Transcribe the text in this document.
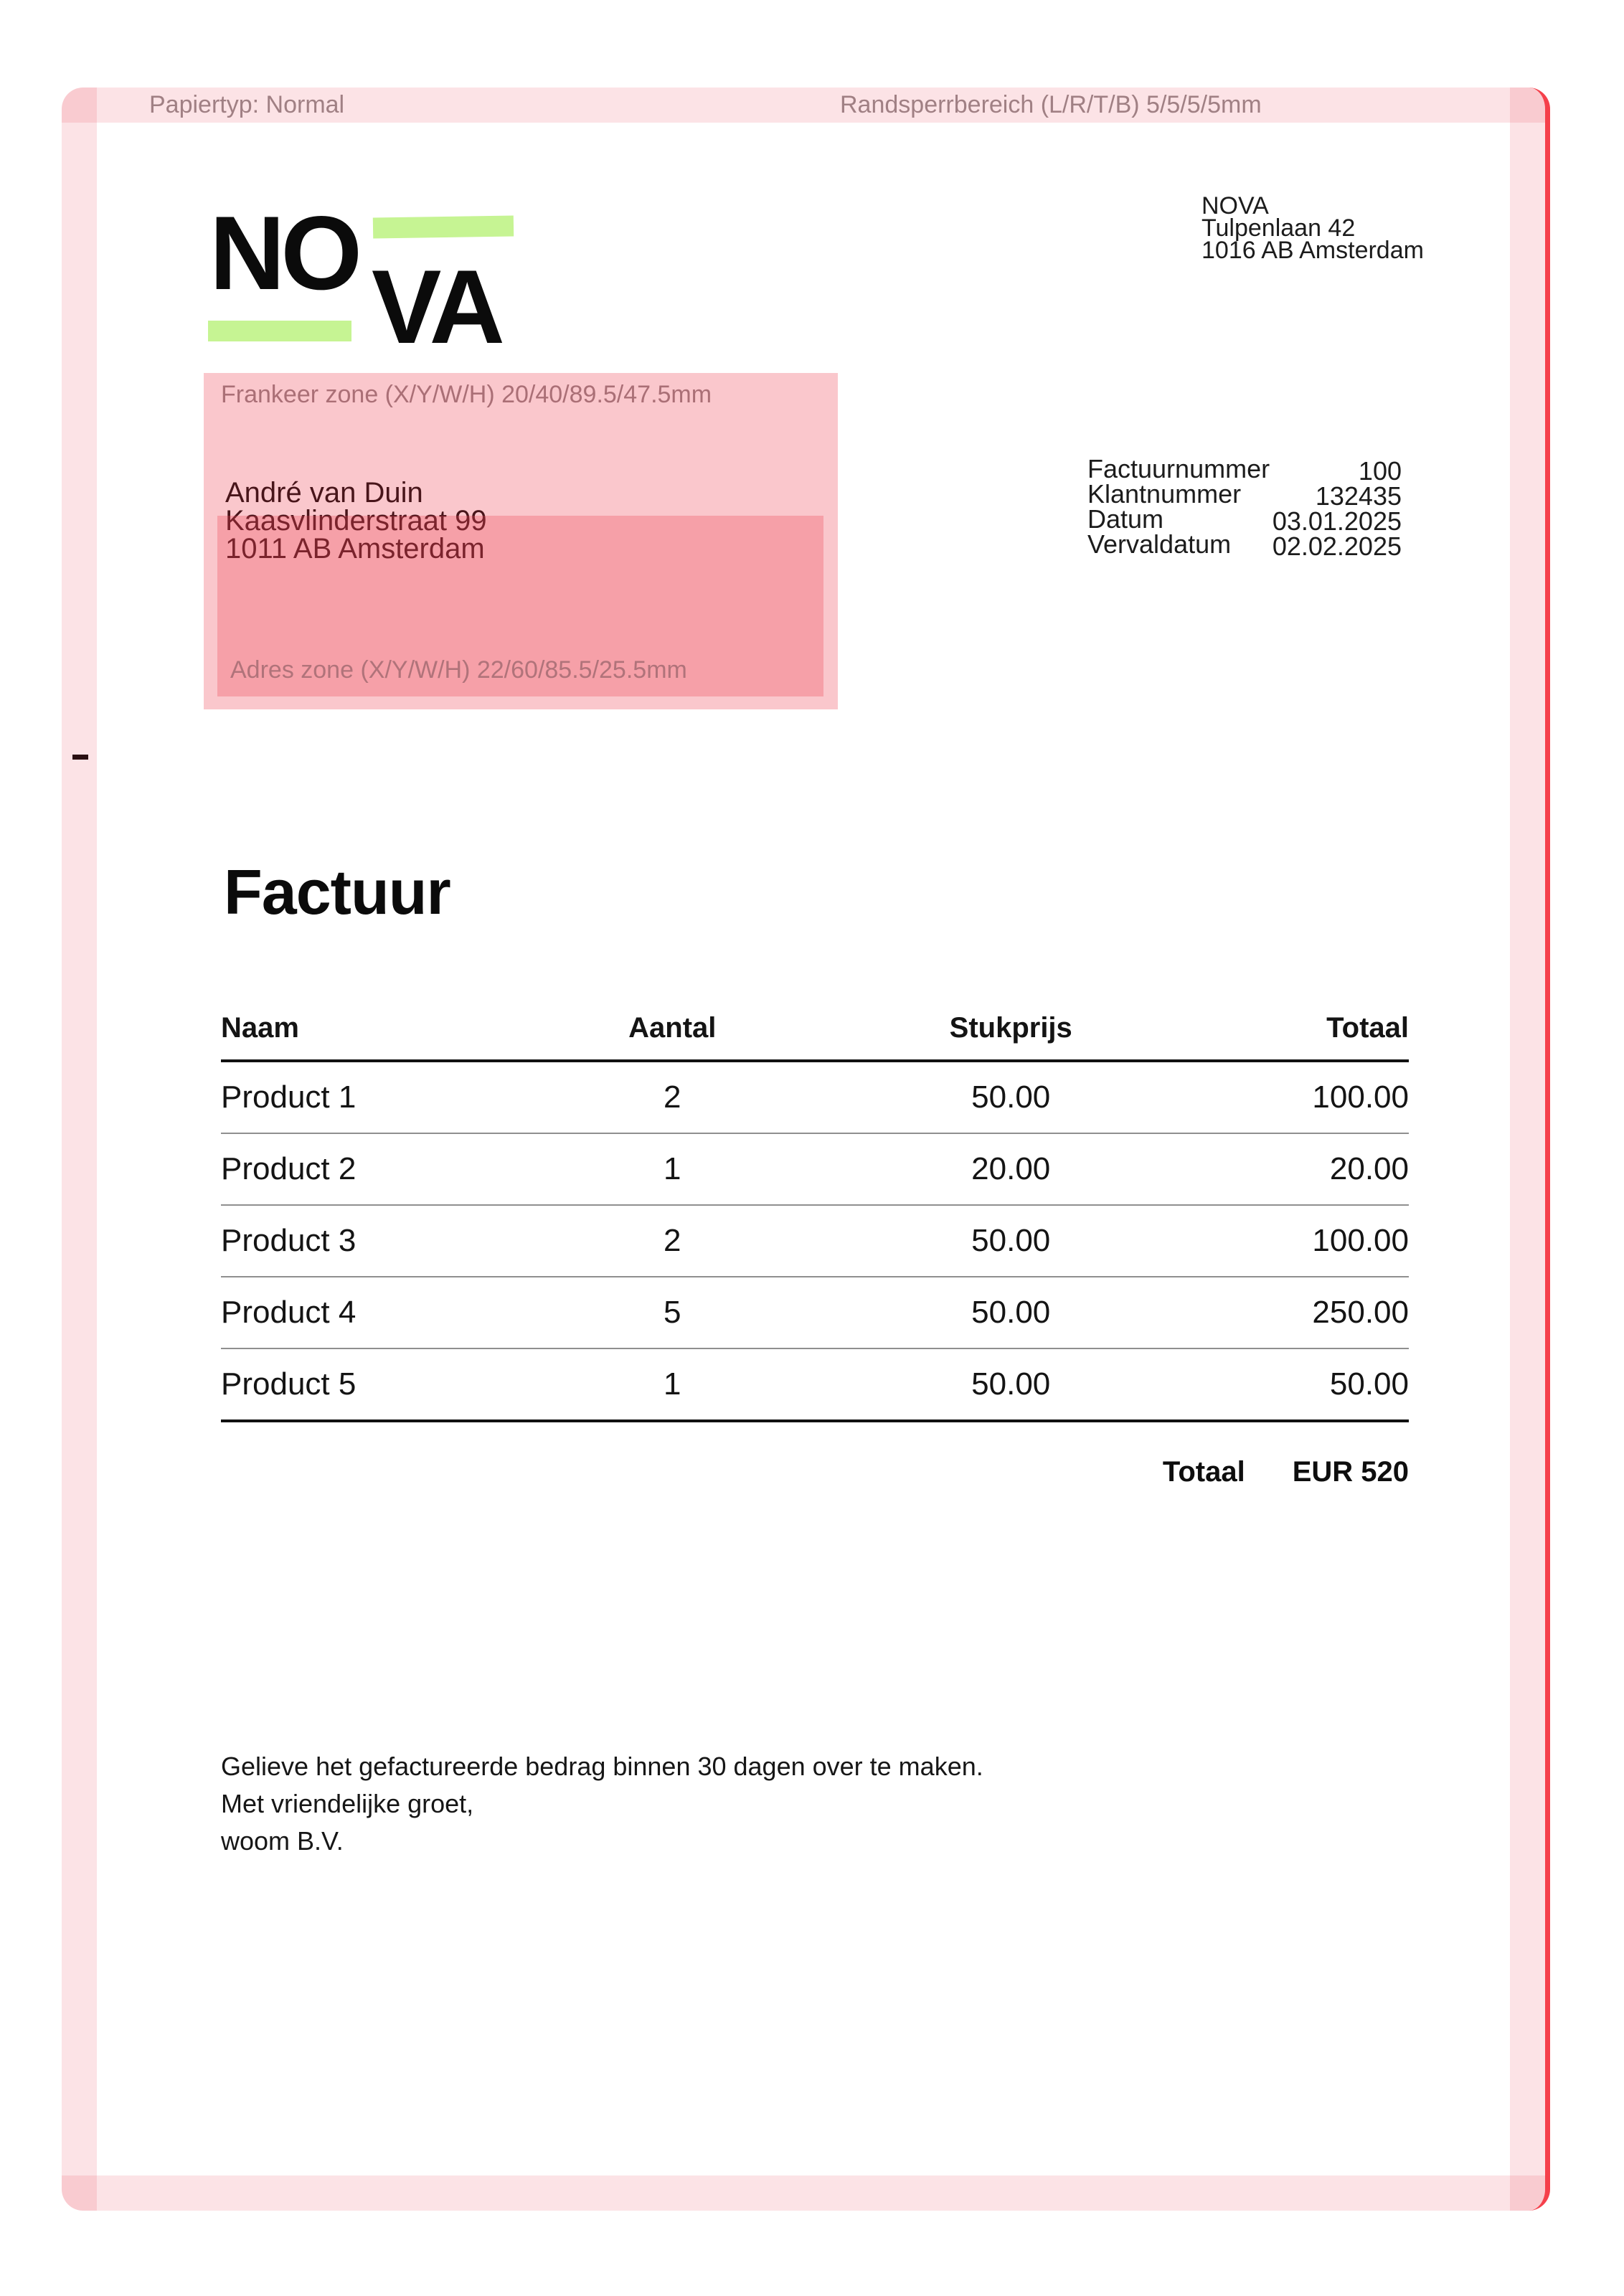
NO VA
NOVA
Tulpenlaan 42
1016 AB Amsterdam
André van Duin
Kaasvlinderstraat 99
1011 AB Amsterdam
Factuurnummer	100
Klantnummer	132435
Datum	03.01.2025
Vervaldatum 02.02.2025
Factuur
Naam	Aantal	Stukprijs	Totaal
Product 1	2	50.00	100.00
Product 2	1	20.00	20.00
Product 3	2	50.00	100.00
Product 4	5	50.00	250.00
Product 5	1	50.00	50.00
Totaal EUR 520
Gelieve het gefactureerde bedrag binnen 30 dagen over te maken.
Met vriendelijke groet,
woom B.V.
Frankeer zone (X/Y/W/H) 20/40/89.5/47.5mm
Adres zone (X/Y/W/H) 22/60/85.5/25.5mm
Papiertyp: Normal	Randsperrbereich (L/R/T/B) 5/5/5/5mm
